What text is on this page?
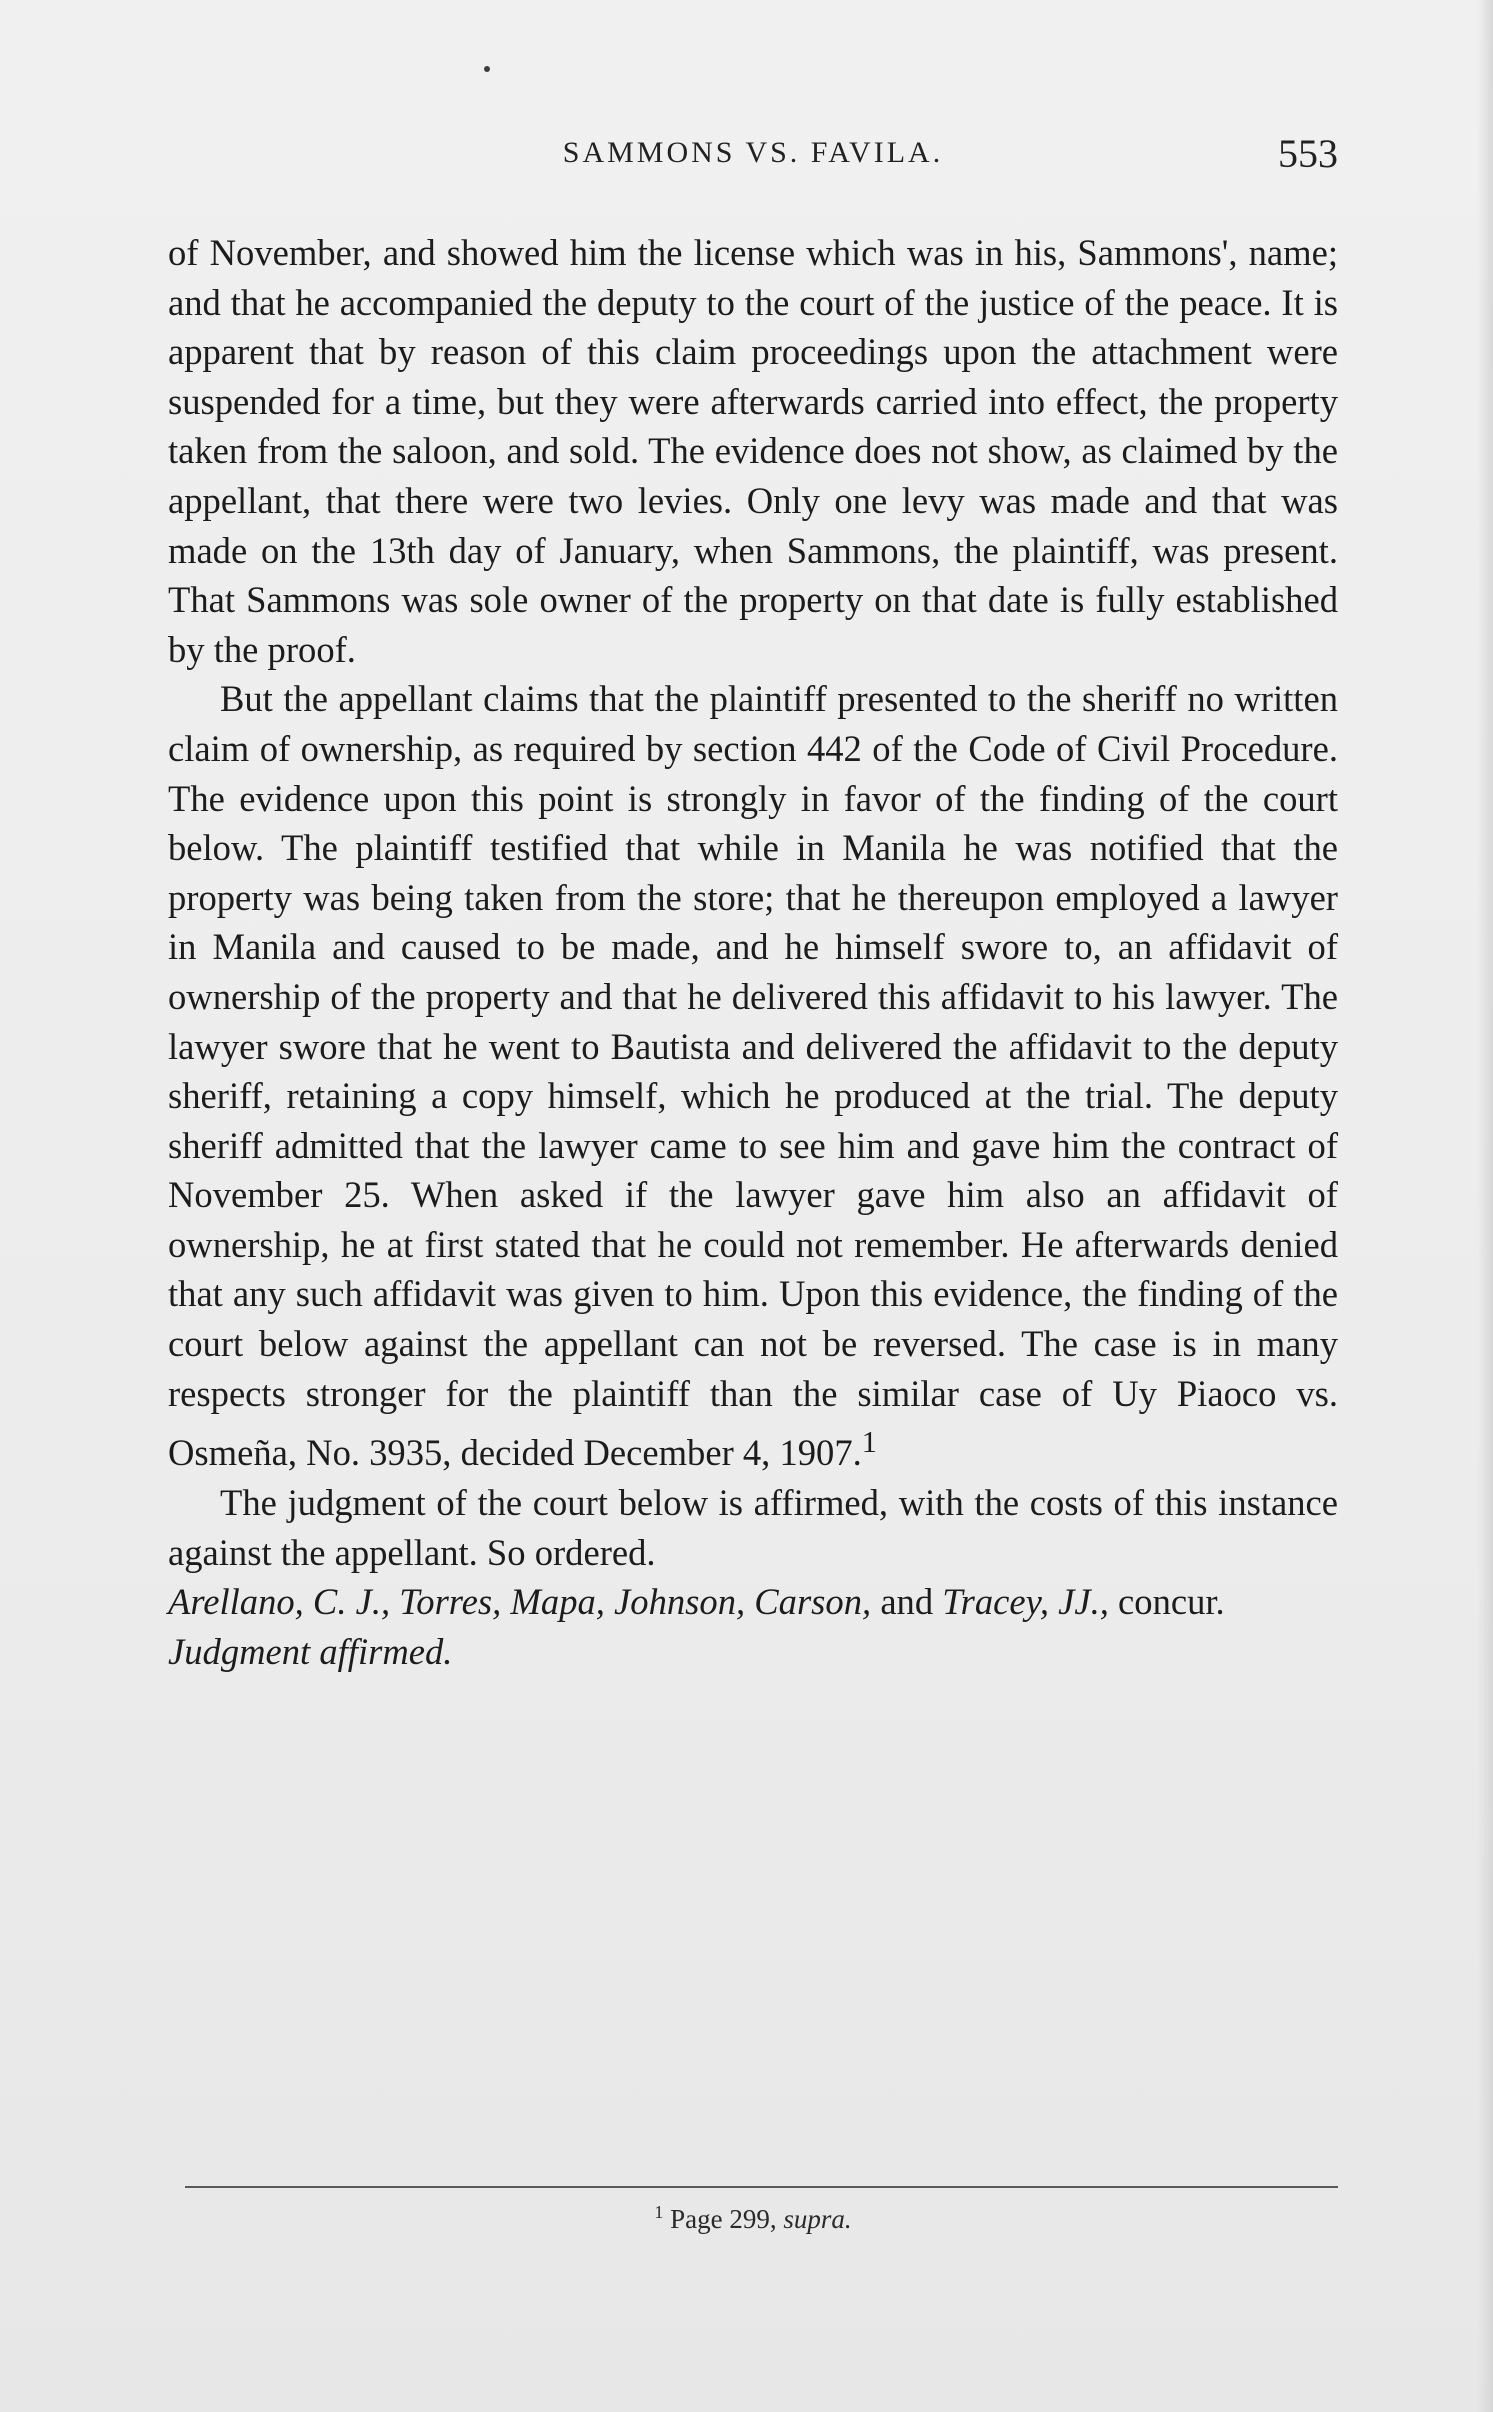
SAMMONS VS. FAVILA.	553

of November, and showed him the license which was in his, Sammons', name; and that he accompanied the deputy to the court of the justice of the peace. It is apparent that by reason of this claim proceedings upon the attachment were suspended for a time, but they were afterwards carried into effect, the property taken from the saloon, and sold. The evidence does not show, as claimed by the appellant, that there were two levies. Only one levy was made and that was made on the 13th day of January, when Sammons, the plaintiff, was present. That Sammons was sole owner of the property on that date is fully established by the proof.

But the appellant claims that the plaintiff presented to the sheriff no written claim of ownership, as required by section 442 of the Code of Civil Procedure. The evidence upon this point is strongly in favor of the finding of the court below. The plaintiff testified that while in Manila he was notified that the property was being taken from the store; that he thereupon employed a lawyer in Manila and caused to be made, and he himself swore to, an affidavit of ownership of the property and that he delivered this affidavit to his lawyer. The lawyer swore that he went to Bautista and delivered the affidavit to the deputy sheriff, retaining a copy himself, which he produced at the trial. The deputy sheriff admitted that the lawyer came to see him and gave him the contract of November 25. When asked if the lawyer gave him also an affidavit of ownership, he at first stated that he could not remember. He afterwards denied that any such affidavit was given to him. Upon this evidence, the finding of the court below against the appellant can not be reversed. The case is in many respects stronger for the plaintiff than the similar case of Uy Piaoco vs. Osmeña, No. 3935, decided December 4, 1907.$^1$

The judgment of the court below is affirmed, with the costs of this instance against the appellant. So ordered.

Arellano, C. J., Torres, Mapa, Johnson, Carson, and Tracey, JJ., concur.

Judgment affirmed.

$^1$ Page 299, supra.
